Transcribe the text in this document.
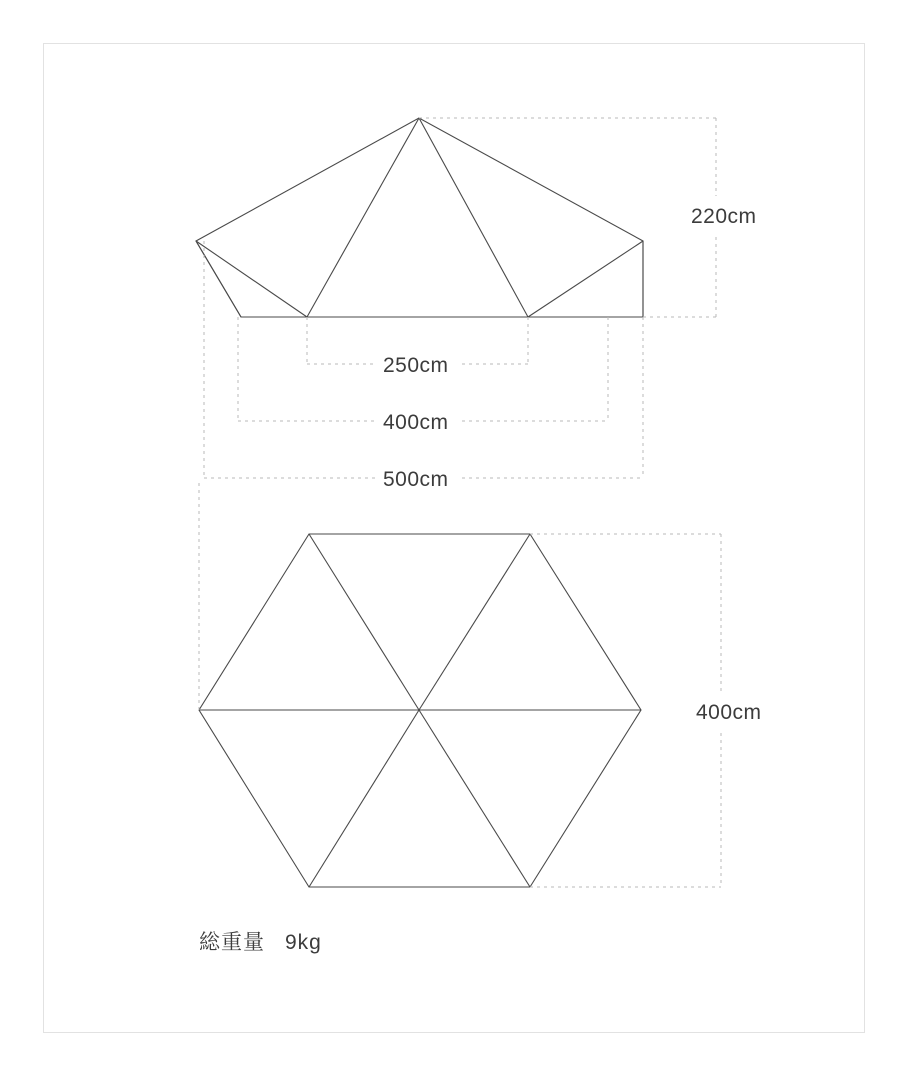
220cm
250cm
400cm
500cm
400cm
総重量 9kg
